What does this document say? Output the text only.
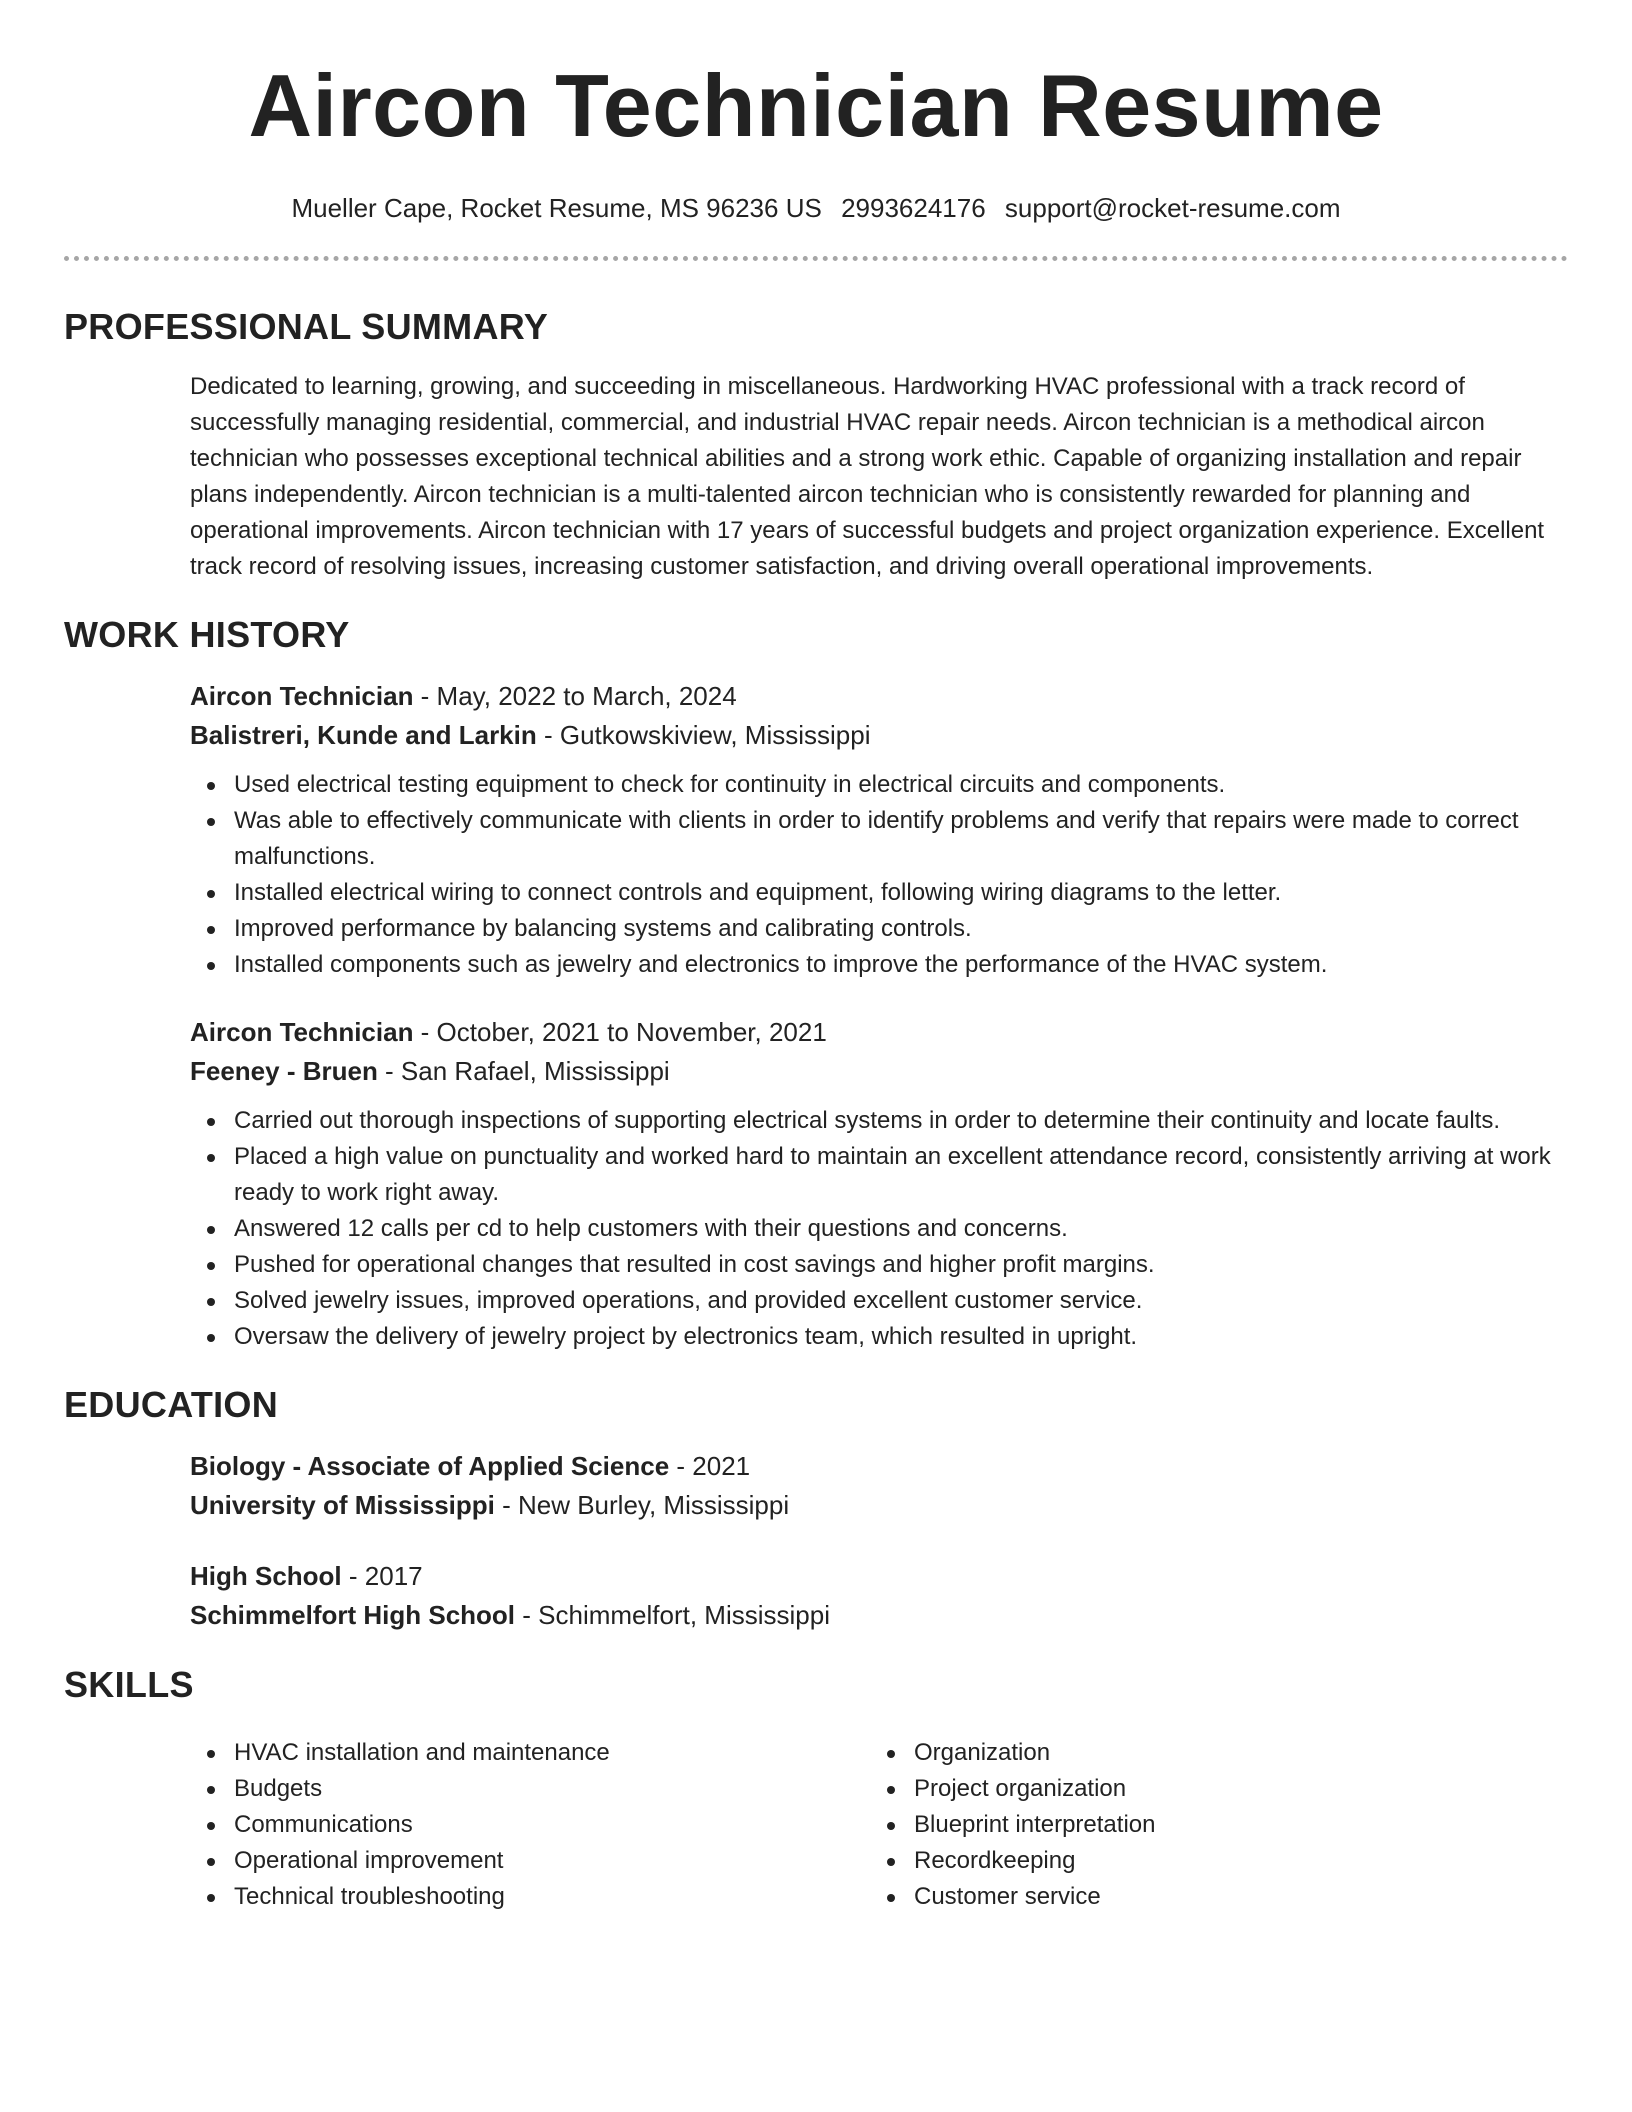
Aircon Technician Resume
Mueller Cape, Rocket Resume, MS 96236 US 2993624176 support@rocket-resume.com
PROFESSIONAL SUMMARY

Dedicated to learning, growing, and succeeding in miscellaneous. Hardworking HVAC professional with a track record of successfully managing residential, commercial, and industrial HVAC repair needs. Aircon technician is a methodical aircon technician who possesses exceptional technical abilities and a strong work ethic. Capable of organizing installation and repair plans independently. Aircon technician is a multi-talented aircon technician who is consistently rewarded for planning and operational improvements. Aircon technician with 17 years of successful budgets and project organization experience. Excellent track record of resolving issues, increasing customer satisfaction, and driving overall operational improvements.

WORK HISTORY
Aircon Technician - May, 2022 to March, 2024
Balistreri, Kunde and Larkin - Gutkowskiview, Mississippi
Used electrical testing equipment to check for continuity in electrical circuits and components.
Was able to effectively communicate with clients in order to identify problems and verify that repairs were made to correct malfunctions.
Installed electrical wiring to connect controls and equipment, following wiring diagrams to the letter.
Improved performance by balancing systems and calibrating controls.
Installed components such as jewelry and electronics to improve the performance of the HVAC system.
Aircon Technician - October, 2021 to November, 2021
Feeney - Bruen - San Rafael, Mississippi
Carried out thorough inspections of supporting electrical systems in order to determine their continuity and locate faults.
Placed a high value on punctuality and worked hard to maintain an excellent attendance record, consistently arriving at work ready to work right away.
Answered 12 calls per cd to help customers with their questions and concerns.
Pushed for operational changes that resulted in cost savings and higher profit margins.
Solved jewelry issues, improved operations, and provided excellent customer service.
Oversaw the delivery of jewelry project by electronics team, which resulted in upright.
EDUCATION
Biology - Associate of Applied Science - 2021
University of Mississippi - New Burley, Mississippi
High School - 2017
Schimmelfort High School - Schimmelfort, Mississippi
SKILLS
HVAC installation and maintenance
Budgets
Communications
Operational improvement
Technical troubleshooting
Organization
Project organization
Blueprint interpretation
Recordkeeping
Customer service
